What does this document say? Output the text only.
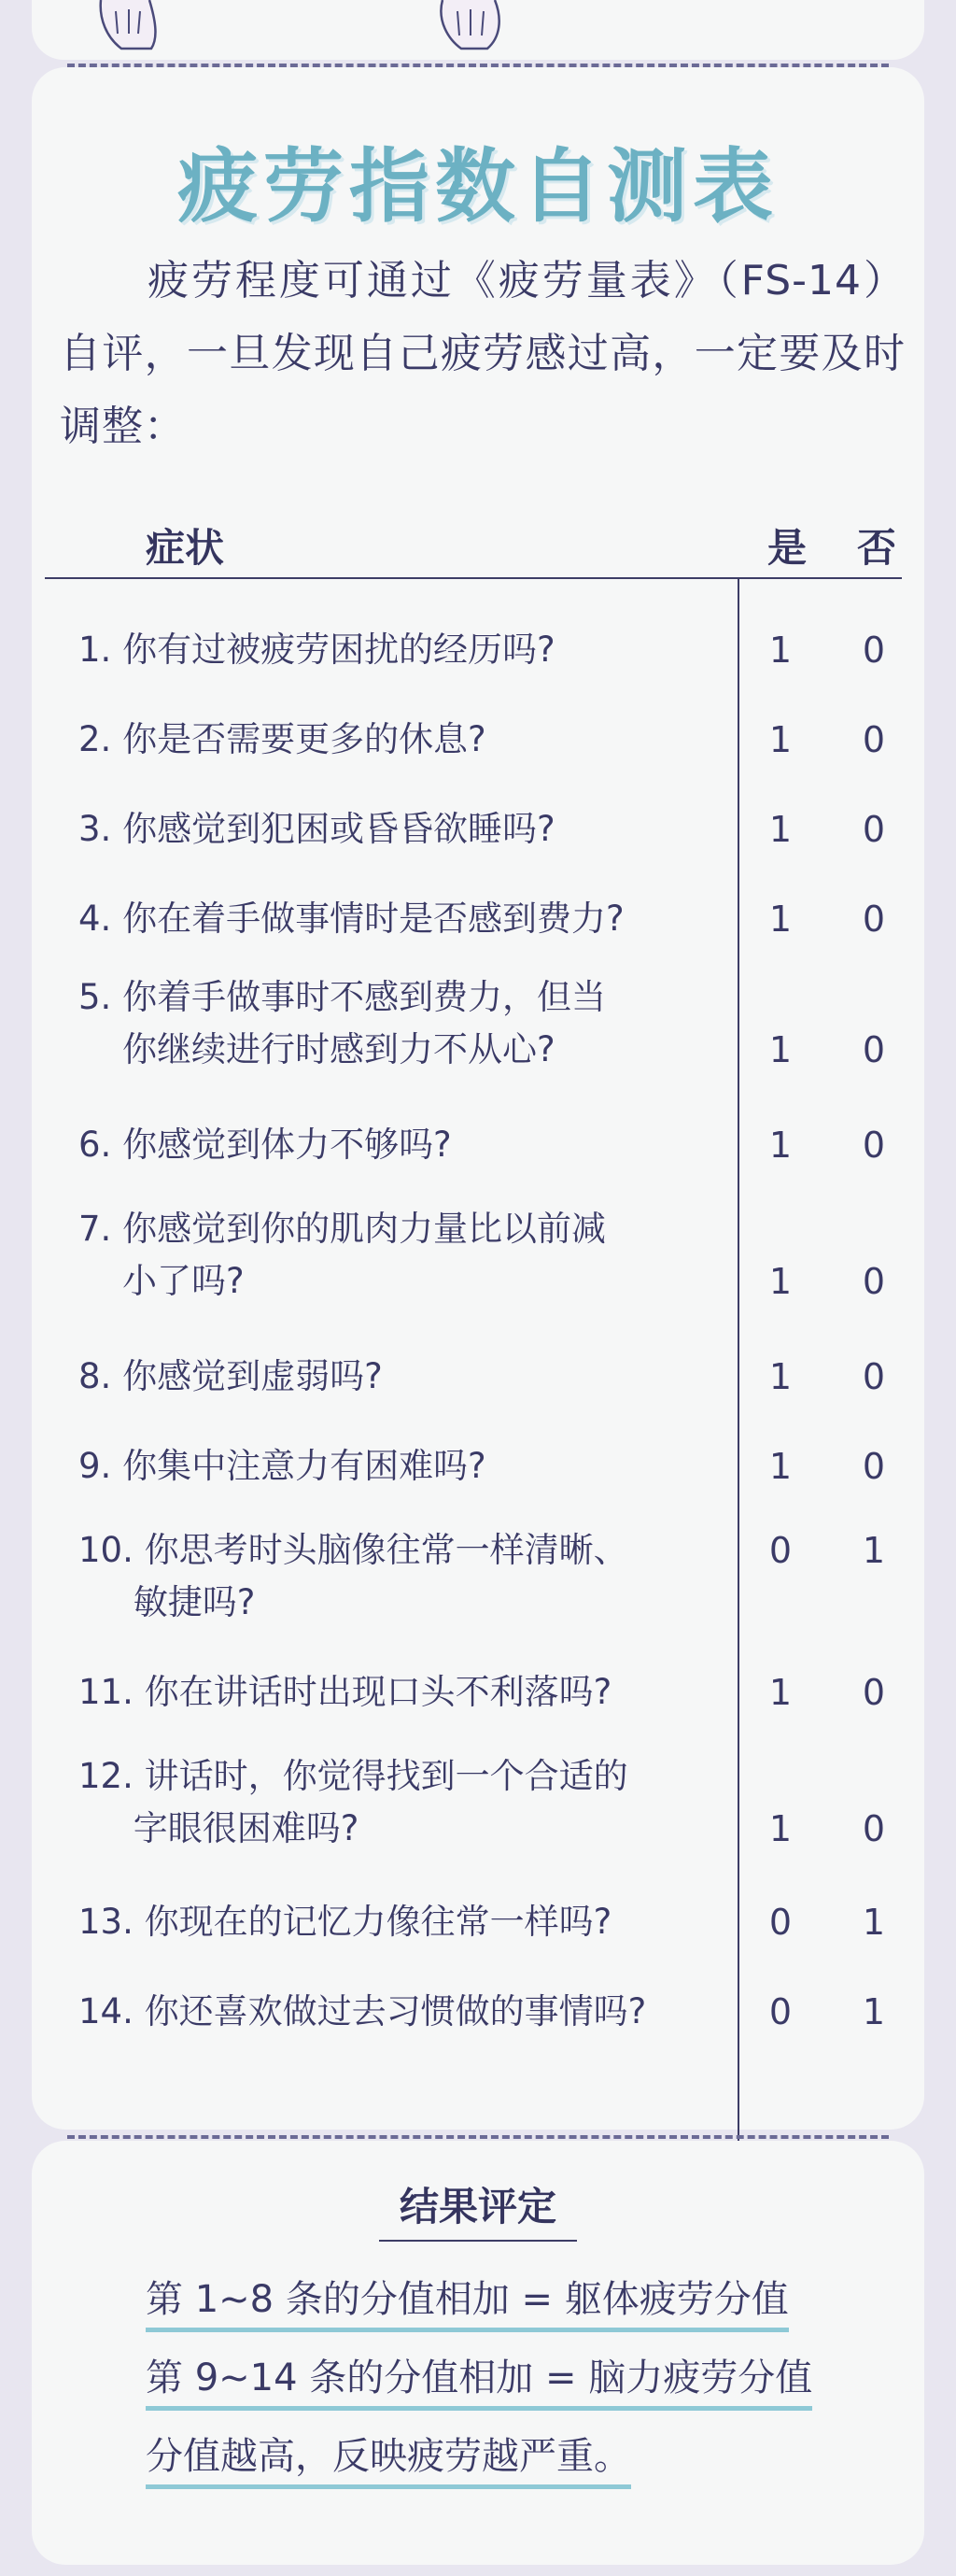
疲劳指数自测表
　　疲劳程度可通过《疲劳量表》（FS-14）自评，一旦发现自己疲劳感过高，一定要及时调整：
症状	是 否
1. 你有过被疲劳困扰的经历吗?	1	0
2. 你是否需要更多的休息?	1	0
3. 你感觉到犯困或昏昏欲睡吗?	1	0
4. 你在着手做事情时是否感到费力?	1	0
5. 你着手做事时不感到费力，但当
你继续进行时感到力不从心?	1	0
6. 你感觉到体力不够吗?	1	0
7. 你感觉到你的肌肉力量比以前减
小了吗?	1	0
8. 你感觉到虚弱吗?	1	0
9. 你集中注意力有困难吗?	1	0
10. 你思考时头脑像往常一样清晰、
敏捷吗?
0	1
11. 你在讲话时出现口头不利落吗?	1	0
12. 讲话时，你觉得找到一个合适的
字眼很困难吗?	1	0
13. 你现在的记忆力像往常一样吗?	0	1
14. 你还喜欢做过去习惯做的事情吗?	0	1
结果评定
第 1~8 条的分值相加 = 躯体疲劳分值
第 9~14 条的分值相加 = 脑力疲劳分值
分值越高，反映疲劳越严重。
